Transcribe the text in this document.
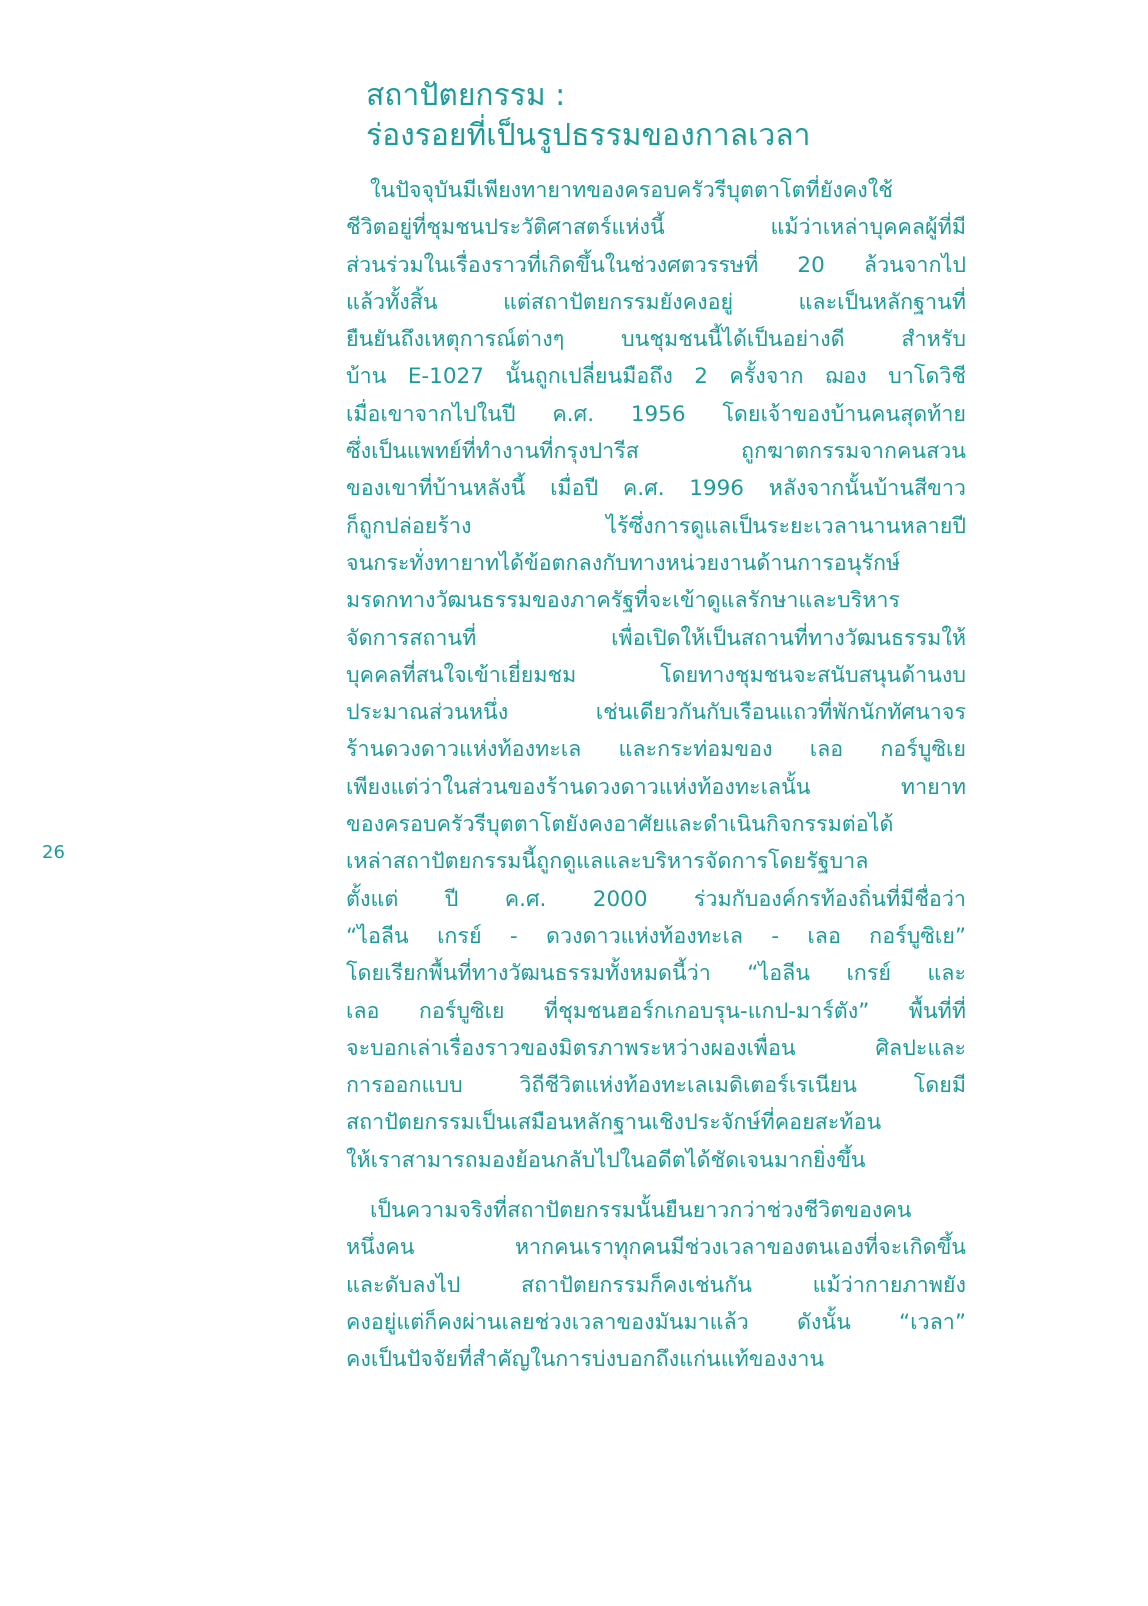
สถาปัตยกรรม :
ร่องรอยที่เป็นรูปธรรมของกาลเวลา
ในปัจจุบันมีเพียงทายาทของครอบครัวรีบุตตาโตที่ยังคงใช้
ชีวิตอยู่ที่ชุมชนประวัติศาสตร์แห่งนี้ แม้ว่าเหล่าบุคคลผู้ที่มี
ส่วนร่วมในเรื่องราวที่เกิดขึ้นในช่วงศตวรรษที่ 20 ล้วนจากไป
แล้วทั้งสิ้น แต่สถาปัตยกรรมยังคงอยู่ และเป็นหลักฐานที่
ยืนยันถึงเหตุการณ์ต่างๆ บนชุมชนนี้ได้เป็นอย่างดี สำหรับ
บ้าน E-1027 นั้นถูกเปลี่ยนมือถึง 2 ครั้งจาก ฌอง บาโดวิชี
เมื่อเขาจากไปในปี ค.ศ. 1956 โดยเจ้าของบ้านคนสุดท้าย
ซึ่งเป็นแพทย์ที่ทำงานที่กรุงปารีส ถูกฆาตกรรมจากคนสวน
ของเขาที่บ้านหลังนี้ เมื่อปี ค.ศ. 1996 หลังจากนั้นบ้านสีขาว
ก็ถูกปล่อยร้าง ไร้ซึ่งการดูแลเป็นระยะเวลานานหลายปี
จนกระทั่งทายาทได้ข้อตกลงกับทางหน่วยงานด้านการอนุรักษ์
มรดกทางวัฒนธรรมของภาครัฐที่จะเข้าดูแลรักษาและบริหาร
จัดการสถานที่ เพื่อเปิดให้เป็นสถานที่ทางวัฒนธรรมให้
บุคคลที่สนใจเข้าเยี่ยมชม โดยทางชุมชนจะสนับสนุนด้านงบ
ประมาณส่วนหนึ่ง เช่นเดียวกันกับเรือนแถวที่พักนักทัศนาจร
ร้านดวงดาวแห่งท้องทะเล และกระท่อมของ เลอ กอร์บูซิเย
เพียงแต่ว่าในส่วนของร้านดวงดาวแห่งท้องทะเลนั้น ทายาท
ของครอบครัวรีบุตตาโตยังคงอาศัยและดำเนินกิจกรรมต่อได้
เหล่าสถาปัตยกรรมนี้ถูกดูแลและบริหารจัดการโดยรัฐบาล
ตั้งแต่ ปี ค.ศ. 2000 ร่วมกับองค์กรท้องถิ่นที่มีชื่อว่า
“ไอลีน เกรย์ - ดวงดาวแห่งท้องทะเล - เลอ กอร์บูซิเย”
โดยเรียกพื้นที่ทางวัฒนธรรมทั้งหมดนี้ว่า “ไอลีน เกรย์ และ
เลอ กอร์บูซิเย ที่ชุมชนฮอร์กเกอบรุน-แกป-มาร์ตัง” พื้นที่ที่
จะบอกเล่าเรื่องราวของมิตรภาพระหว่างผองเพื่อน ศิลปะและ
การออกแบบ วิถีชีวิตแห่งท้องทะเลเมดิเตอร์เรเนียน โดยมี
สถาปัตยกรรมเป็นเสมือนหลักฐานเชิงประจักษ์ที่คอยสะท้อน
ให้เราสามารถมองย้อนกลับไปในอดีตได้ชัดเจนมากยิ่งขึ้น
เป็นความจริงที่สถาปัตยกรรมนั้นยืนยาวกว่าช่วงชีวิตของคน
หนึ่งคน หากคนเราทุกคนมีช่วงเวลาของตนเองที่จะเกิดขึ้น
และดับลงไป สถาปัตยกรรมก็คงเช่นกัน แม้ว่ากายภาพยัง
คงอยู่แต่ก็คงผ่านเลยช่วงเวลาของมันมาแล้ว ดังนั้น “เวลา”
คงเป็นปัจจัยที่สำคัญในการบ่งบอกถึงแก่นแท้ของงาน
26
